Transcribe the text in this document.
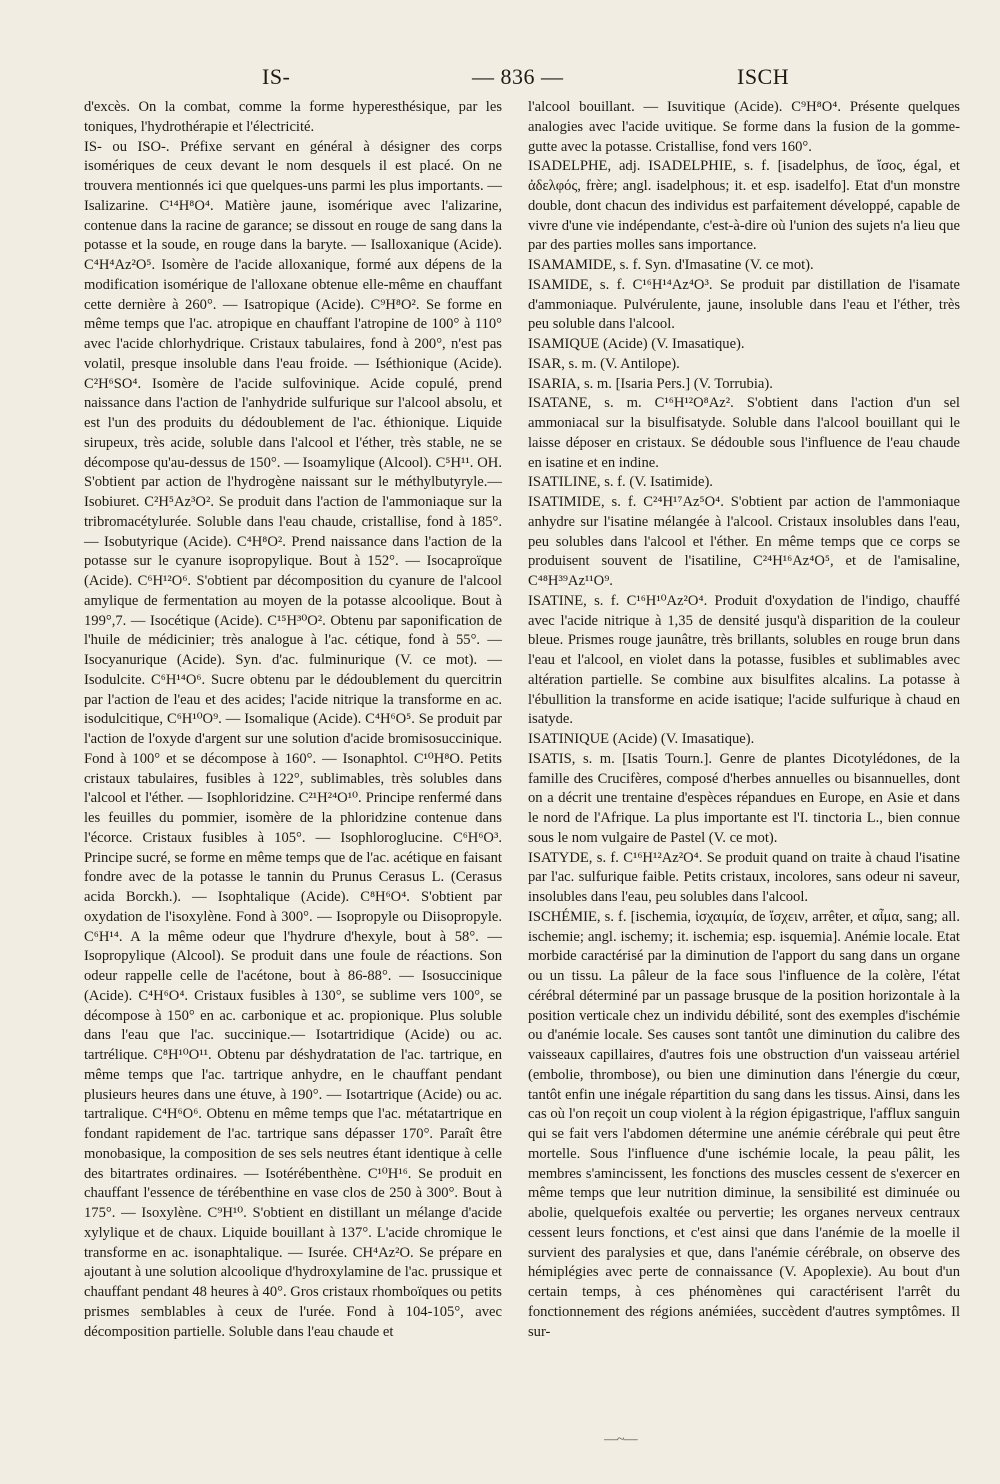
IS-	— 836 —	ISCH

d'excès. On la combat, comme la forme hyperesthésique, par les toniques, l'hydrothérapie et l'électricité.

IS- ou ISO-. Préfixe servant en général à désigner des corps isomériques de ceux devant le nom desquels il est placé. On ne trouvera mentionnés ici que quelques-uns parmi les plus importants. — Isalizarine. C¹⁴H⁸O⁴. Matière jaune, isomérique avec l'alizarine, contenue dans la racine de garance; se dissout en rouge de sang dans la potasse et la soude, en rouge dans la baryte. — Isalloxanique (Acide). C⁴H⁴Az²O⁵. Isomère de l'acide alloxanique, formé aux dépens de la modification isomérique de l'alloxane obtenue elle-même en chauffant cette dernière à 260°. — Isatropique (Acide). C⁹H⁸O². Se forme en même temps que l'ac. atropique en chauffant l'atropine de 100° à 110° avec l'acide chlorhydrique. Cristaux tabulaires, fond à 200°, n'est pas volatil, presque insoluble dans l'eau froide. — Iséthionique (Acide). C²H⁶SO⁴. Isomère de l'acide sulfovinique. Acide copulé, prend naissance dans l'action de l'anhydride sulfurique sur l'alcool absolu, et est l'un des produits du dédoublement de l'ac. éthionique. Liquide sirupeux, très acide, soluble dans l'alcool et l'éther, très stable, ne se décompose qu'au-dessus de 150°. — Isoamylique (Alcool). C⁵H¹¹. OH. S'obtient par action de l'hydrogène naissant sur le méthylbutyryle.— Isobiuret. C²H⁵Az³O². Se produit dans l'action de l'ammoniaque sur la tribromacétylurée. Soluble dans l'eau chaude, cristallise, fond à 185°. — Isobutyrique (Acide). C⁴H⁸O². Prend naissance dans l'action de la potasse sur le cyanure isopropylique. Bout à 152°. — Isocaproïque (Acide). C⁶H¹²O⁶. S'obtient par décomposition du cyanure de l'alcool amylique de fermentation au moyen de la potasse alcoolique. Bout à 199°,7. — Isocétique (Acide). C¹⁵H³⁰O². Obtenu par saponification de l'huile de médicinier; très analogue à l'ac. cétique, fond à 55°. — Isocyanurique (Acide). Syn. d'ac. fulminurique (V. ce mot). — Isodulcite. C⁶H¹⁴O⁶. Sucre obtenu par le dédoublement du quercitrin par l'action de l'eau et des acides; l'acide nitrique la transforme en ac. isodulcitique, C⁶H¹⁰O⁹. — Isomalique (Acide). C⁴H⁶O⁵. Se produit par l'action de l'oxyde d'argent sur une solution d'acide bromisosuccinique. Fond à 100° et se décompose à 160°. — Isonaphtol. C¹⁰H⁸O. Petits cristaux tabulaires, fusibles à 122°, sublimables, très solubles dans l'alcool et l'éther. — Isophloridzine. C²¹H²⁴O¹⁰. Principe renfermé dans les feuilles du pommier, isomère de la phloridzine contenue dans l'écorce. Cristaux fusibles à 105°. — Isophloroglucine. C⁶H⁶O³. Principe sucré, se forme en même temps que de l'ac. acétique en faisant fondre avec de la potasse le tannin du Prunus Cerasus L. (Cerasus acida Borckh.). — Isophtalique (Acide). C⁸H⁶O⁴. S'obtient par oxydation de l'isoxylène. Fond à 300°. — Isopropyle ou Diisopropyle. C⁶H¹⁴. A la même odeur que l'hydrure d'hexyle, bout à 58°. — Isopropylique (Alcool). Se produit dans une foule de réactions. Son odeur rappelle celle de l'acétone, bout à 86-88°. — Isosuccinique (Acide). C⁴H⁶O⁴. Cristaux fusibles à 130°, se sublime vers 100°, se décompose à 150° en ac. carbonique et ac. propionique. Plus soluble dans l'eau que l'ac. succinique.— Isotartridique (Acide) ou ac. tartrélique. C⁸H¹⁰O¹¹. Obtenu par déshydratation de l'ac. tartrique, en même temps que l'ac. tartrique anhydre, en le chauffant pendant plusieurs heures dans une étuve, à 190°. — Isotartrique (Acide) ou ac. tartralique. C⁴H⁶O⁶. Obtenu en même temps que l'ac. métatartrique en fondant rapidement de l'ac. tartrique sans dépasser 170°. Paraît être monobasique, la composition de ses sels neutres étant identique à celle des bitartrates ordinaires. — Isotérébenthène. C¹⁰H¹⁶. Se produit en chauffant l'essence de térébenthine en vase clos de 250 à 300°. Bout à 175°. — Isoxylène. C⁹H¹⁰. S'obtient en distillant un mélange d'acide xylylique et de chaux. Liquide bouillant à 137°. L'acide chromique le transforme en ac. isonaphtalique. — Isurée. CH⁴Az²O. Se prépare en ajoutant à une solution alcoolique d'hydroxylamine de l'ac. prussique et chauffant pendant 48 heures à 40°. Gros cristaux rhomboïques ou petits prismes semblables à ceux de l'urée. Fond à 104-105°, avec décomposition partielle. Soluble dans l'eau chaude et

l'alcool bouillant. — Isuvitique (Acide). C⁹H⁸O⁴. Présente quelques analogies avec l'acide uvitique. Se forme dans la fusion de la gomme-gutte avec la potasse. Cristallise, fond vers 160°.

ISADELPHE, adj. ISADELPHIE, s. f. [isadelphus, de ἴσος, égal, et ἀδελφός, frère; angl. isadelphous; it. et esp. isadelfo]. Etat d'un monstre double, dont chacun des individus est parfaitement développé, capable de vivre d'une vie indépendante, c'est-à-dire où l'union des sujets n'a lieu que par des parties molles sans importance.

ISAMAMIDE, s. f. Syn. d'Imasatine (V. ce mot).

ISAMIDE, s. f. C¹⁶H¹⁴Az⁴O³. Se produit par distillation de l'isamate d'ammoniaque. Pulvérulente, jaune, insoluble dans l'eau et l'éther, très peu soluble dans l'alcool.

ISAMIQUE (Acide) (V. Imasatique).

ISAR, s. m. (V. Antilope).

ISARIA, s. m. [Isaria Pers.] (V. Torrubia).

ISATANE, s. m. C¹⁶H¹²O⁸Az². S'obtient dans l'action d'un sel ammoniacal sur la bisulfisatyde. Soluble dans l'alcool bouillant qui le laisse déposer en cristaux. Se dédouble sous l'influence de l'eau chaude en isatine et en indine.

ISATILINE, s. f. (V. Isatimide).

ISATIMIDE, s. f. C²⁴H¹⁷Az⁵O⁴. S'obtient par action de l'ammoniaque anhydre sur l'isatine mélangée à l'alcool. Cristaux insolubles dans l'eau, peu solubles dans l'alcool et l'éther. En même temps que ce corps se produisent souvent de l'isatiline, C²⁴H¹⁶Az⁴O⁵, et de l'amisaline, C⁴⁸H³⁹Az¹¹O⁹.

ISATINE, s. f. C¹⁶H¹⁰Az²O⁴. Produit d'oxydation de l'indigo, chauffé avec l'acide nitrique à 1,35 de densité jusqu'à disparition de la couleur bleue. Prismes rouge jaunâtre, très brillants, solubles en rouge brun dans l'eau et l'alcool, en violet dans la potasse, fusibles et sublimables avec altération partielle. Se combine aux bisulfites alcalins. La potasse à l'ébullition la transforme en acide isatique; l'acide sulfurique à chaud en isatyde.

ISATINIQUE (Acide) (V. Imasatique).

ISATIS, s. m. [Isatis Tourn.]. Genre de plantes Dicotylédones, de la famille des Crucifères, composé d'herbes annuelles ou bisannuelles, dont on a décrit une trentaine d'espèces répandues en Europe, en Asie et dans le nord de l'Afrique. La plus importante est l'I. tinctoria L., bien connue sous le nom vulgaire de Pastel (V. ce mot).

ISATYDE, s. f. C¹⁶H¹²Az²O⁴. Se produit quand on traite à chaud l'isatine par l'ac. sulfurique faible. Petits cristaux, incolores, sans odeur ni saveur, insolubles dans l'eau, peu solubles dans l'alcool.

ISCHÉMIE, s. f. [ischemia, ἰσχαιμία, de ἴσχειν, arrêter, et αἷμα, sang; all. ischemie; angl. ischemy; it. ischemia; esp. isquemia]. Anémie locale. Etat morbide caractérisé par la diminution de l'apport du sang dans un organe ou un tissu. La pâleur de la face sous l'influence de la colère, l'état cérébral déterminé par un passage brusque de la position horizontale à la position verticale chez un individu débilité, sont des exemples d'ischémie ou d'anémie locale. Ses causes sont tantôt une diminution du calibre des vaisseaux capillaires, d'autres fois une obstruction d'un vaisseau artériel (embolie, thrombose), ou bien une diminution dans l'énergie du cœur, tantôt enfin une inégale répartition du sang dans les tissus. Ainsi, dans les cas où l'on reçoit un coup violent à la région épigastrique, l'afflux sanguin qui se fait vers l'abdomen détermine une anémie cérébrale qui peut être mortelle. Sous l'influence d'une ischémie locale, la peau pâlit, les membres s'amincissent, les fonctions des muscles cessent de s'exercer en même temps que leur nutrition diminue, la sensibilité est diminuée ou abolie, quelquefois exaltée ou pervertie; les organes nerveux centraux cessent leurs fonctions, et c'est ainsi que dans l'anémie de la moelle il survient des paralysies et que, dans l'anémie cérébrale, on observe des hémiplégies avec perte de connaissance (V. Apoplexie). Au bout d'un certain temps, à ces phénomènes qui caractérisent l'arrêt du fonctionnement des régions anémiées, succèdent d'autres symptômes. Il sur-

—~—
